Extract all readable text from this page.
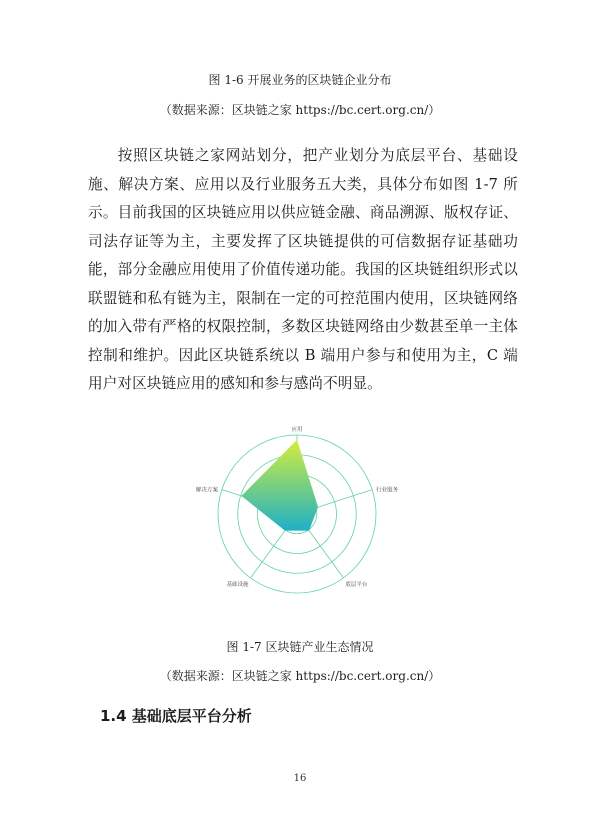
图 1-6 开展业务的区块链企业分布
（数据来源：区块链之家 https://bc.cert.org.cn/）
按照区块链之家网站划分，把产业划分为底层平台、基础设施、解决方案、应用以及行业服务五大类，具体分布如图 1-7 所示。目前我国的区块链应用以供应链金融、商品溯源、版权存证、司法存证等为主，主要发挥了区块链提供的可信数据存证基础功能，部分金融应用使用了价值传递功能。我国的区块链组织形式以联盟链和私有链为主，限制在一定的可控范围内使用，区块链网络的加入带有严格的权限控制，多数区块链网络由少数甚至单一主体控制和维护。因此区块链系统以 B 端用户参与和使用为主，C 端用户对区块链应用的感知和参与感尚不明显。
应用
行业服务
底层平台
基础设施
解决方案
图 1-7 区块链产业生态情况
（数据来源：区块链之家 https://bc.cert.org.cn/）
1.4 基础底层平台分析
16
